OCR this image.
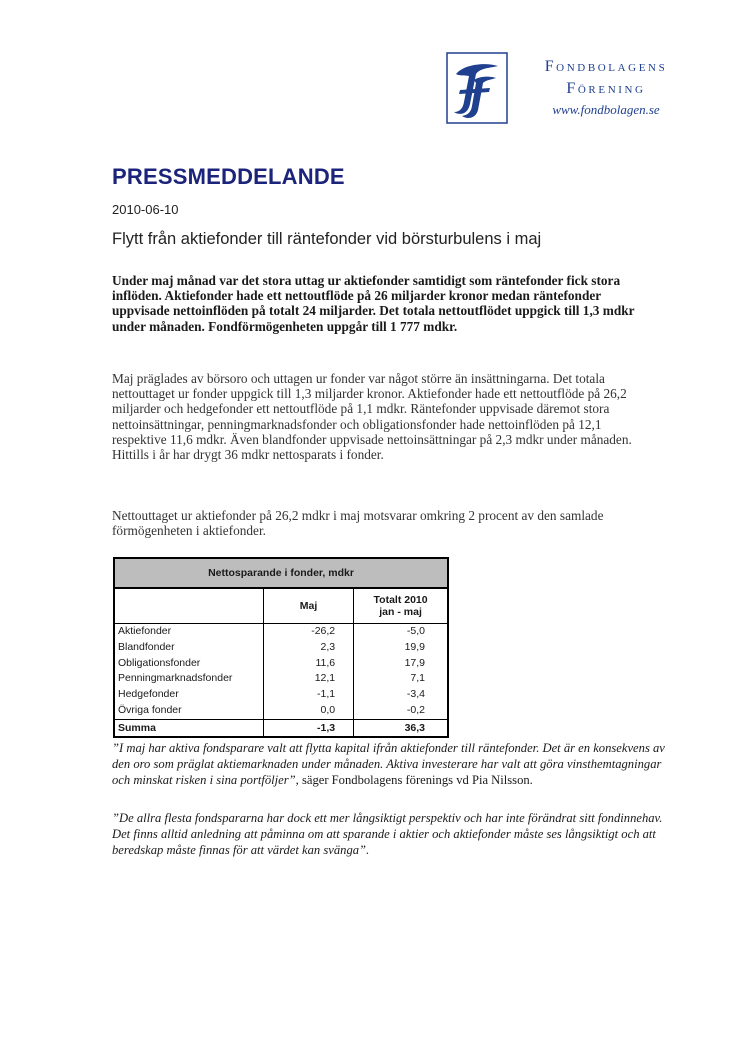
Fondbolagens
Förening
www.fondbolagen.se
PRESSMEDDELANDE
2010-06-10
Flytt från aktiefonder till räntefonder vid börsturbulens i maj

Under maj månad var det stora uttag ur aktiefonder samtidigt som räntefonder fick stora inflöden. Aktiefonder hade ett nettoutflöde på 26 miljarder kronor medan räntefonder uppvisade nettoinflöden på totalt 24 miljarder. Det totala nettoutflödet uppgick till 1,3 mdkr under månaden. Fondförmögenheten uppgår till 1 777 mdkr.

Maj präglades av börsoro och uttagen ur fonder var något större än insättningarna. Det totala nettouttaget ur fonder uppgick till 1,3 miljarder kronor. Aktiefonder hade ett nettoutflöde på 26,2 miljarder och hedgefonder ett nettoutflöde på 1,1 mdkr. Räntefonder uppvisade däremot stora nettoinsättningar, penningmarknadsfonder och obligationsfonder hade nettoinflöden på 12,1 respektive 11,6 mdkr. Även blandfonder uppvisade nettoinsättningar på 2,3 mdkr under månaden. Hittills i år har drygt 36 mdkr nettosparats i fonder.

Nettouttaget ur aktiefonder på 26,2 mdkr i maj motsvarar omkring 2 procent av den samlade förmögenheten i aktiefonder.

Nettosparande i fonder, mdkr		
	Maj	Totalt 2010
jan - maj
Aktiefonder	-26,2	-5,0
Blandfonder	2,3	19,9
Obligationsfonder	11,6	17,9
Penningmarknadsfonder	12,1	7,1
Hedgefonder	-1,1	-3,4
Övriga fonder	0,0	-0,2
Summa	-1,3	36,3

”I maj har aktiva fondsparare valt att flytta kapital ifrån aktiefonder till räntefonder. Det är en konsekvens av den oro som präglat aktiemarknaden under månaden. Aktiva investerare har valt att göra vinsthemtagningar och minskat risken i sina portföljer”, säger Fondbolagens förenings vd Pia Nilsson.

”De allra flesta fondspararna har dock ett mer långsiktigt perspektiv och har inte förändrat sitt fondinnehav. Det finns alltid anledning att påminna om att sparande i aktier och aktiefonder måste ses långsiktigt och att beredskap måste finnas för att värdet kan svänga”.
